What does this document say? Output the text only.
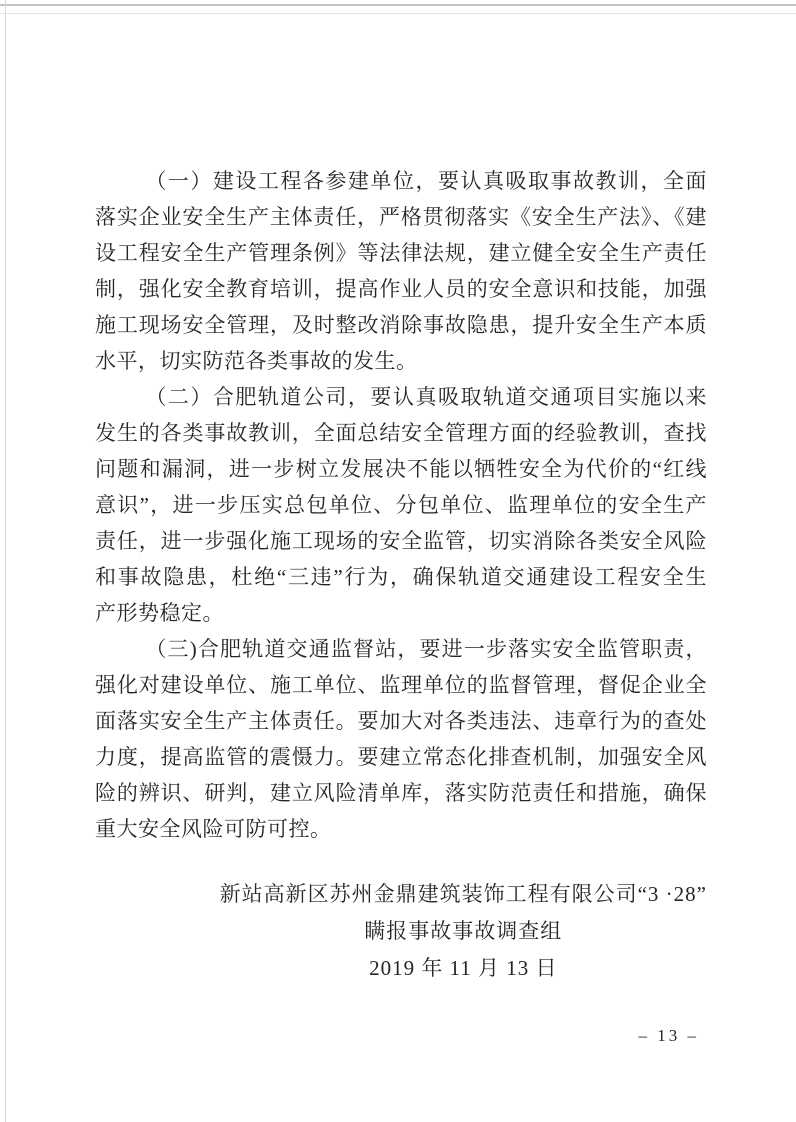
（一）建设工程各参建单位，要认真吸取事故教训，全面
落实企业安全生产主体责任，严格贯彻落实《安全生产法》、《建
设工程安全生产管理条例》等法律法规，建立健全安全生产责任
制，强化安全教育培训，提高作业人员的安全意识和技能，加强
施工现场安全管理，及时整改消除事故隐患，提升安全生产本质
水平，切实防范各类事故的发生。
（二）合肥轨道公司，要认真吸取轨道交通项目实施以来
发生的各类事故教训，全面总结安全管理方面的经验教训，查找
问题和漏洞，进一步树立发展决不能以牺牲安全为代价的“红线
意识”，进一步压实总包单位、分包单位、监理单位的安全生产
责任，进一步强化施工现场的安全监管，切实消除各类安全风险
和事故隐患，杜绝“三违”行为，确保轨道交通建设工程安全生
产形势稳定。
（三)合肥轨道交通监督站，要进一步落实安全监管职责，
强化对建设单位、施工单位、监理单位的监督管理，督促企业全
面落实安全生产主体责任。要加大对各类违法、违章行为的查处
力度，提高监管的震慑力。要建立常态化排查机制，加强安全风
险的辨识、研判，建立风险清单库，落实防范责任和措施，确保
重大安全风险可防可控。
新站高新区苏州金鼎建筑装饰工程有限公司“3 ·28”
瞒报事故事故调查组
2019 年 11 月 13 日
– 13 –
